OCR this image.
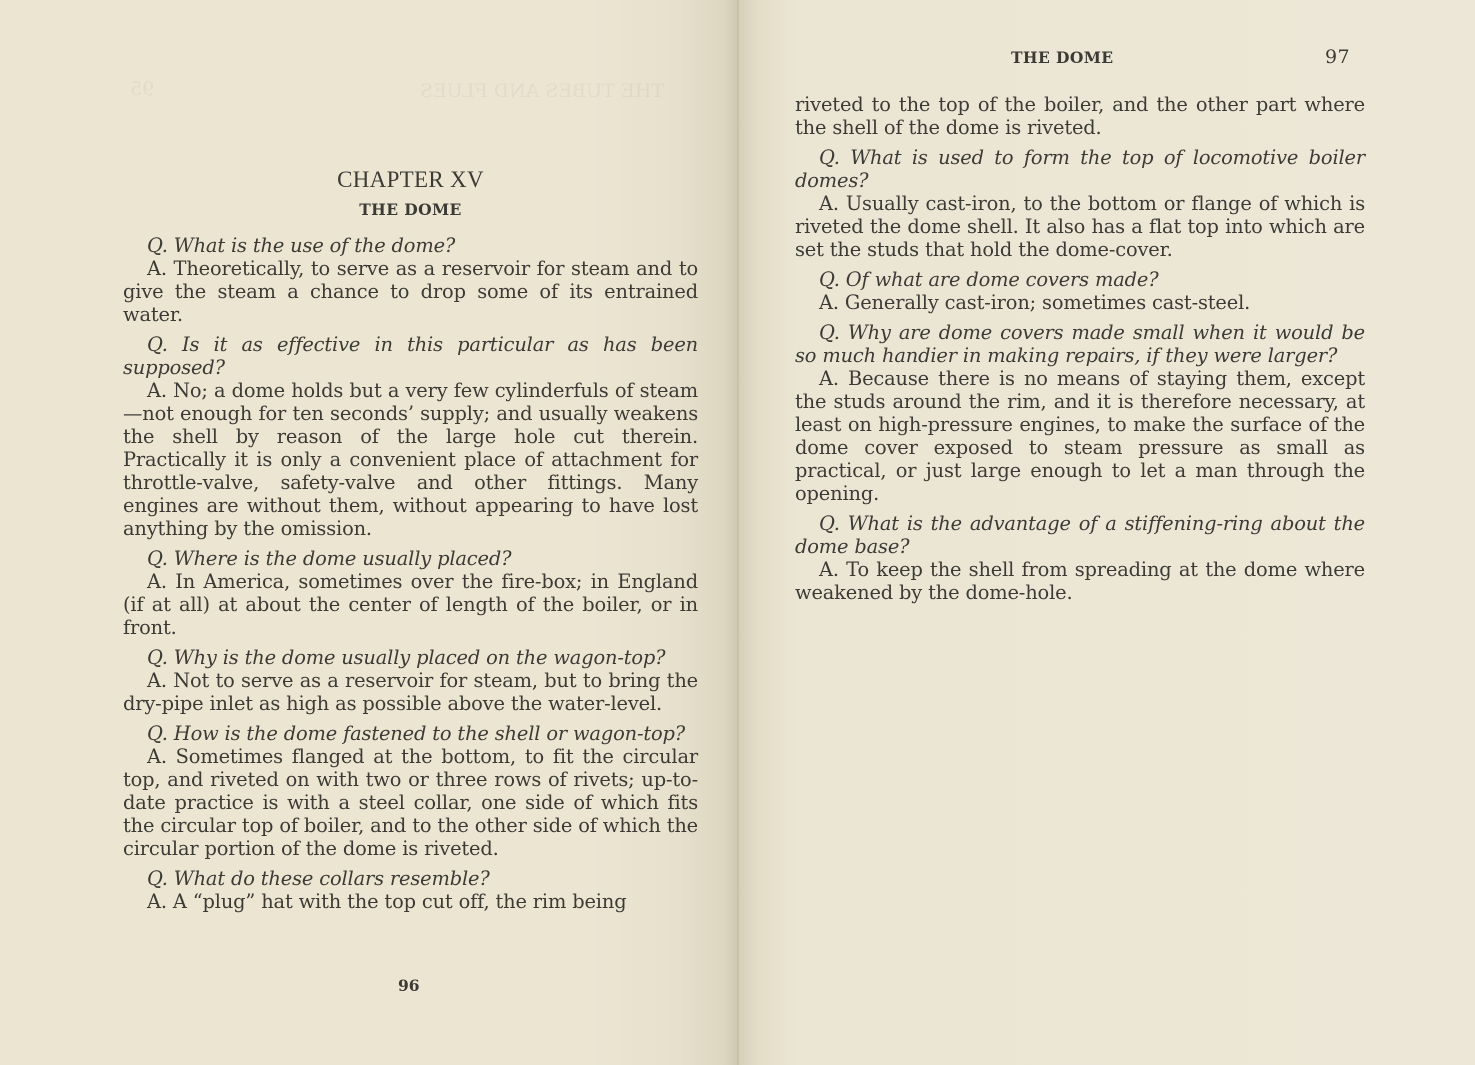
THE TUBES AND FLUES
95
CHAPTER XV
THE DOME

Q. What is the use of the dome?

A. Theoretically, to serve as a reservoir for steam and to give the steam a chance to drop some of its entrained water.

Q. Is it as effective in this particular as has been supposed?

A. No; a dome holds but a very few cylinderfuls of steam—not enough for ten seconds’ supply; and usually weakens the shell by reason of the large hole cut therein. Practically it is only a convenient place of attachment for throttle-valve, safety-valve and other fittings. Many engines are without them, without appearing to have lost anything by the omission.

Q. Where is the dome usually placed?

A. In America, sometimes over the fire-box; in England (if at all) at about the center of length of the boiler, or in front.

Q. Why is the dome usually placed on the wagon-top?

A. Not to serve as a reservoir for steam, but to bring the dry-pipe inlet as high as possible above the water-level.

Q. How is the dome fastened to the shell or wagon-top?

A. Sometimes flanged at the bottom, to fit the circular top, and riveted on with two or three rows of rivets; up-to-date practice is with a steel collar, one side of which fits the circular top of boiler, and to the other side of which the circular portion of the dome is riveted.

Q. What do these collars resemble?

A. A “plug” hat with the top cut off, the rim being

96
THE DOME	97

riveted to the top of the boiler, and the other part where the shell of the dome is riveted.

Q. What is used to form the top of locomotive boiler domes?

A. Usually cast-iron, to the bottom or flange of which is riveted the dome shell. It also has a flat top into which are set the studs that hold the dome-cover.

Q. Of what are dome covers made?

A. Generally cast-iron; sometimes cast-steel.

Q. Why are dome covers made small when it would be so much handier in making repairs, if they were larger?

A. Because there is no means of staying them, except the studs around the rim, and it is therefore necessary, at least on high-pressure engines, to make the surface of the dome cover exposed to steam pressure as small as practical, or just large enough to let a man through the opening.

Q. What is the advantage of a stiffening-ring about the dome base?

A. To keep the shell from spreading at the dome where weakened by the dome-hole.
